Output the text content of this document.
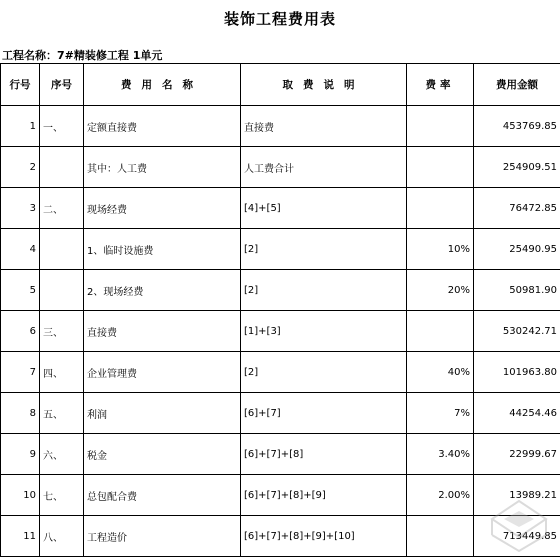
装饰工程费用表
工程名称：7#精装修工程 1单元
行号	序号	费用名称	取费说明	费率	费用金额
1	一、	定额直接费	直接费		453769.85
2		其中：人工费	人工费合计		254909.51
3	二、	现场经费	[4]+[5]		76472.85
4		1、临时设施费	[2]	10%	25490.95
5		2、现场经费	[2]	20%	50981.90
6	三、	直接费	[1]+[3]		530242.71
7	四、	企业管理费	[2]	40%	101963.80
8	五、	利润	[6]+[7]	7%	44254.46
9	六、	税金	[6]+[7]+[8]	3.40%	22999.67
10	七、	总包配合费	[6]+[7]+[8]+[9]	2.00%	13989.21
11	八、	工程造价	[6]+[7]+[8]+[9]+[10]		713449.85
